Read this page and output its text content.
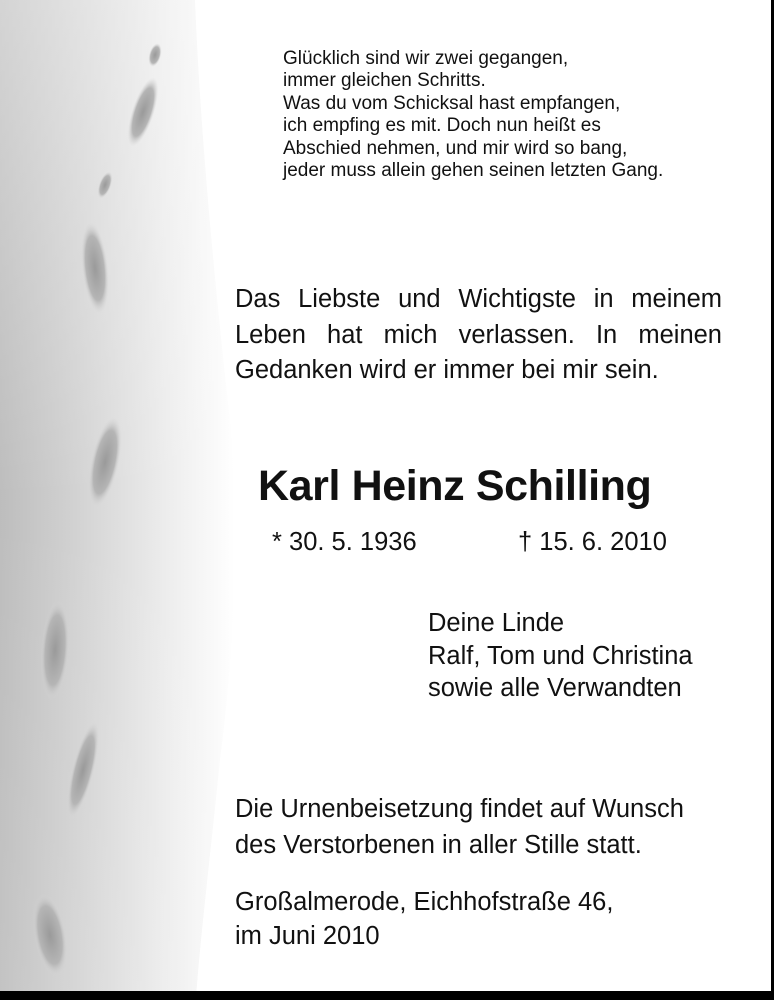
Glücklich sind wir zwei gegangen,
immer gleichen Schritts.
Was du vom Schicksal hast empfangen,
ich empfing es mit. Doch nun heißt es
Abschied nehmen, und mir wird so bang,
jeder muss allein gehen seinen letzten Gang.
Das Liebste und Wichtigste in meinem
Leben hat mich verlassen. In meinen
Gedanken wird er immer bei mir sein.
Karl Heinz Schilling
* 30. 5. 1936	† 15. 6. 2010
Deine Linde
Ralf, Tom und Christina
sowie alle Verwandten
Die Urnenbeisetzung findet auf Wunsch
des Verstorbenen in aller Stille statt.
Großalmerode, Eichhofstraße 46,
im Juni 2010
